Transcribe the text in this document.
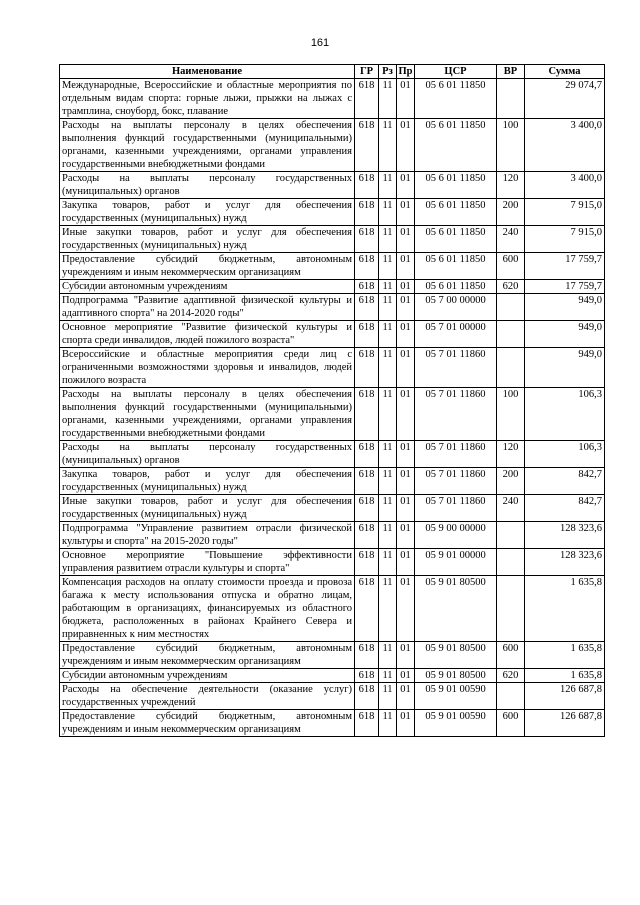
161
Наименование	ГР	Рз	Пр	ЦСР	ВР	Сумма
Международные, Всероссийские и областные мероприятия по отдельным видам спорта: горные лыжи, прыжки на лыжах с трамплина, сноуборд, бокс, плавание	618	11	01	05 6 01 11850		29 074,7
Расходы на выплаты персоналу в целях обеспечения выполнения функций государственными (муниципальными) органами, казенными учреждениями, органами управления государственными внебюджетными фондами	618	11	01	05 6 01 11850	100	3 400,0
Расходы на выплаты персоналу государственных (муниципальных) органов	618	11	01	05 6 01 11850	120	3 400,0
Закупка товаров, работ и услуг для обеспечения государственных (муниципальных) нужд	618	11	01	05 6 01 11850	200	7 915,0
Иные закупки товаров, работ и услуг для обеспечения государственных (муниципальных) нужд	618	11	01	05 6 01 11850	240	7 915,0
Предоставление субсидий бюджетным, автономным учреждениям и иным некоммерческим организациям	618	11	01	05 6 01 11850	600	17 759,7
Субсидии автономным учреждениям	618	11	01	05 6 01 11850	620	17 759,7
Подпрограмма "Развитие адаптивной физической культуры и адаптивного спорта" на 2014-2020 годы"	618	11	01	05 7 00 00000		949,0
Основное мероприятие "Развитие физической культуры и спорта среди инвалидов, людей пожилого возраста"	618	11	01	05 7 01 00000		949,0
Всероссийские и областные мероприятия среди лиц с ограниченными возможностями здоровья и инвалидов, людей пожилого возраста	618	11	01	05 7 01 11860		949,0
Расходы на выплаты персоналу в целях обеспечения выполнения функций государственными (муниципальными) органами, казенными учреждениями, органами управления государственными внебюджетными фондами	618	11	01	05 7 01 11860	100	106,3
Расходы на выплаты персоналу государственных (муниципальных) органов	618	11	01	05 7 01 11860	120	106,3
Закупка товаров, работ и услуг для обеспечения государственных (муниципальных) нужд	618	11	01	05 7 01 11860	200	842,7
Иные закупки товаров, работ и услуг для обеспечения государственных (муниципальных) нужд	618	11	01	05 7 01 11860	240	842,7
Подпрограмма "Управление развитием отрасли физической культуры и спорта" на 2015-2020 годы"	618	11	01	05 9 00 00000		128 323,6
Основное мероприятие "Повышение эффективности управления развитием отрасли культуры и спорта"	618	11	01	05 9 01 00000		128 323,6
Компенсация расходов на оплату стоимости проезда и провоза багажа к месту использования отпуска и обратно лицам, работающим в организациях, финансируемых из областного бюджета, расположенных в районах Крайнего Севера и приравненных к ним местностях	618	11	01	05 9 01 80500		1 635,8
Предоставление субсидий бюджетным, автономным учреждениям и иным некоммерческим организациям	618	11	01	05 9 01 80500	600	1 635,8
Субсидии автономным учреждениям	618	11	01	05 9 01 80500	620	1 635,8
Расходы на обеспечение деятельности (оказание услуг) государственных учреждений	618	11	01	05 9 01 00590		126 687,8
Предоставление субсидий бюджетным, автономным учреждениям и иным некоммерческим организациям	618	11	01	05 9 01 00590	600	126 687,8
